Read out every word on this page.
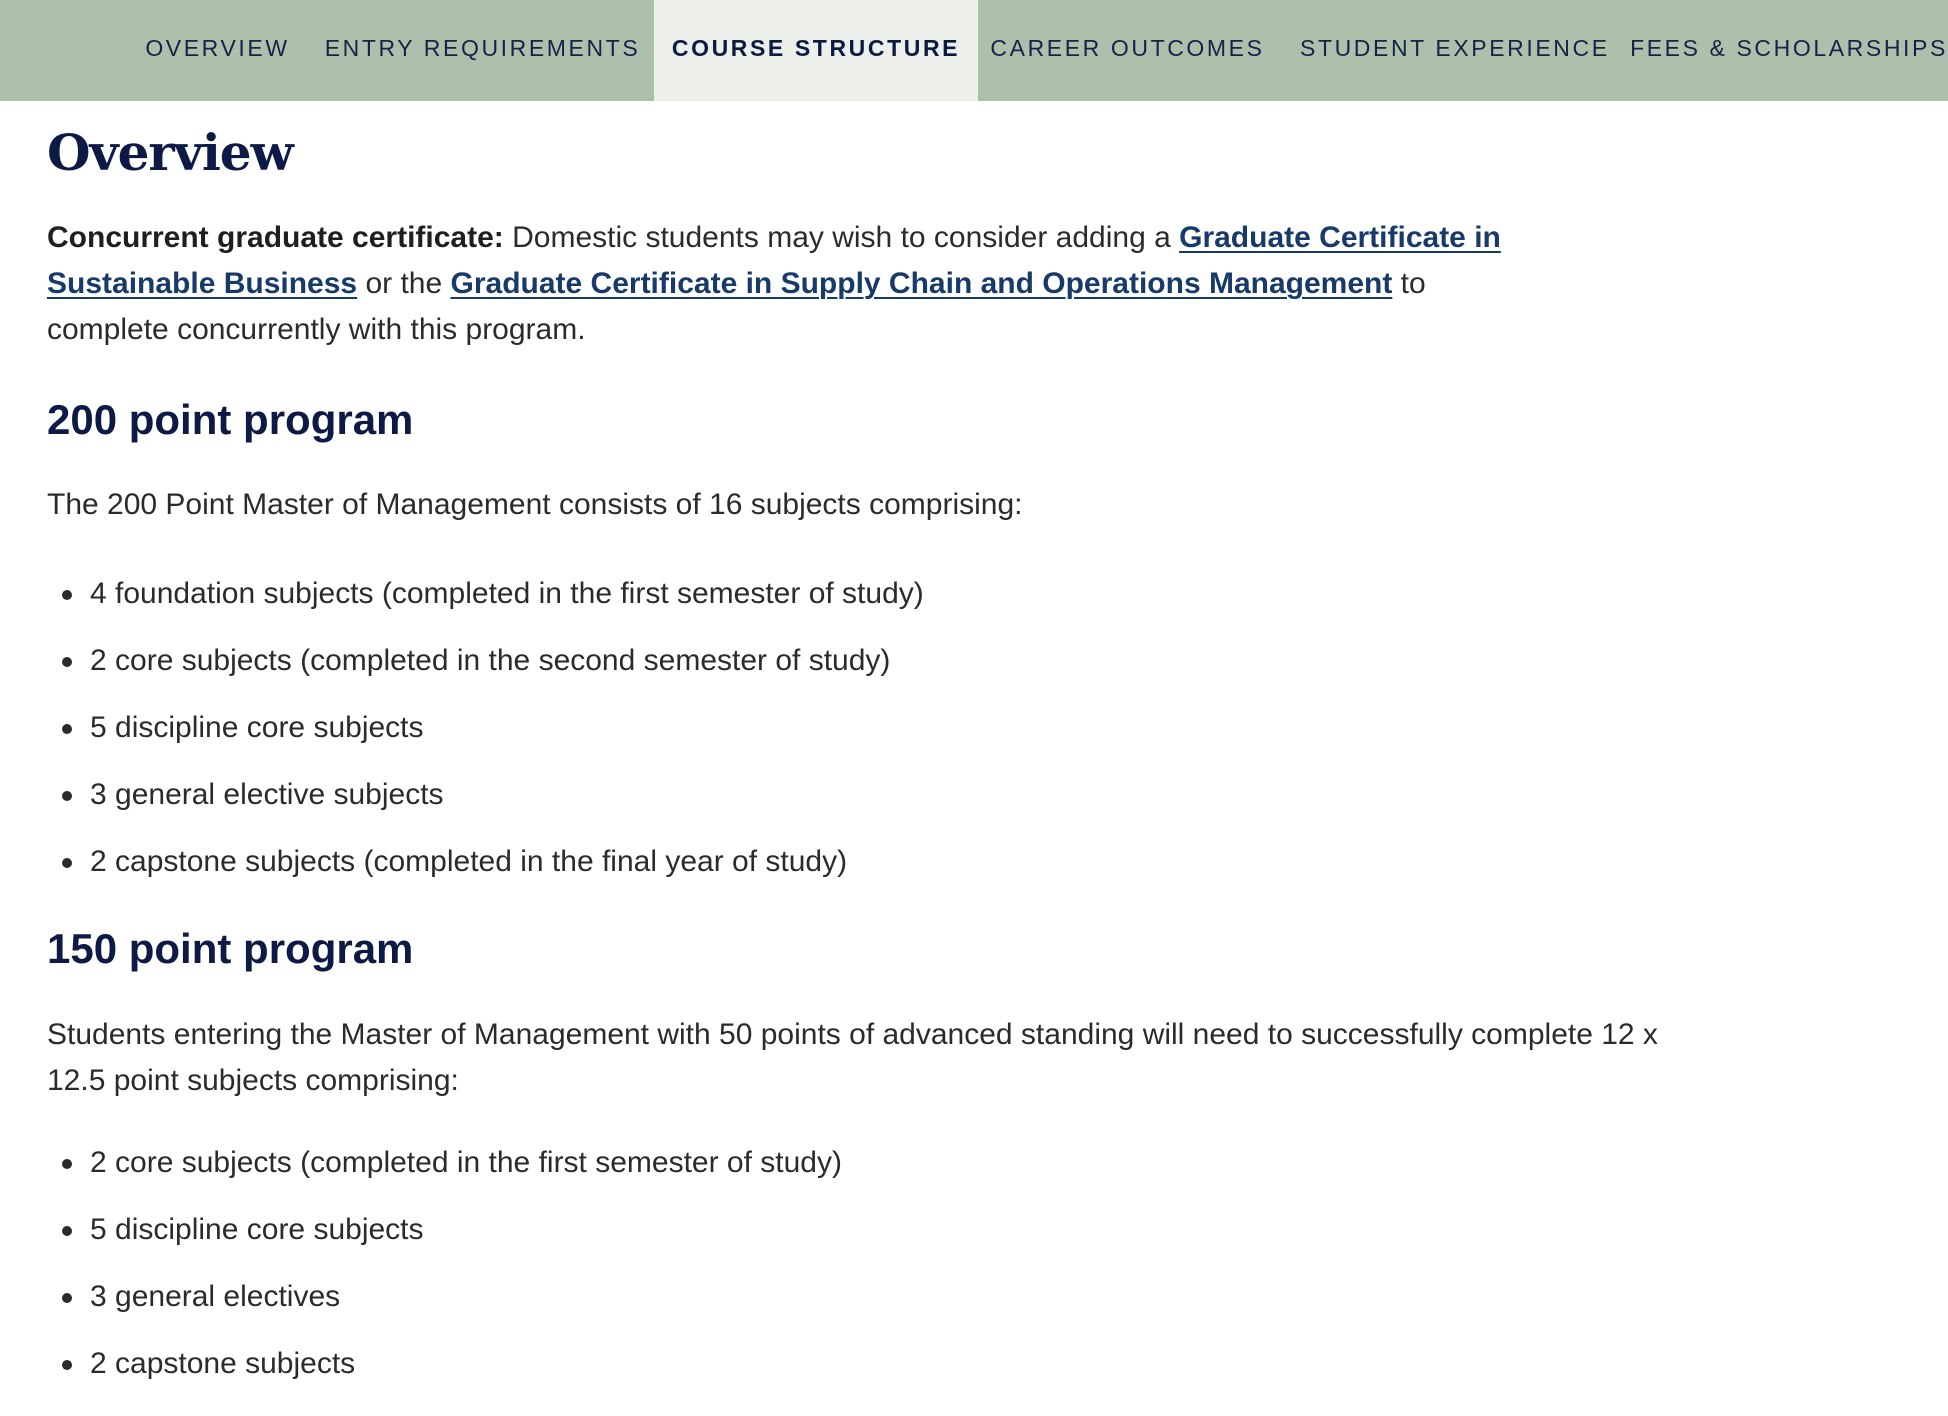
OVERVIEW	ENTRY REQUIREMENTS	COURSE STRUCTURE	CAREER OUTCOMES STUDENT EXPERIENCE FEES & SCHOLARSHIPS
Overview

Concurrent graduate certificate: Domestic students may wish to consider adding a Graduate Certificate in Sustainable Business or the Graduate Certificate in Supply Chain and Operations Management to complete concurrently with this program.

200 point program

The 200 Point Master of Management consists of 16 subjects comprising:

4 foundation subjects (completed in the first semester of study)
2 core subjects (completed in the second semester of study)
5 discipline core subjects
3 general elective subjects
2 capstone subjects (completed in the final year of study)
150 point program

Students entering the Master of Management with 50 points of advanced standing will need to successfully complete 12 x 12.5 point subjects comprising:

2 core subjects (completed in the first semester of study)
5 discipline core subjects
3 general electives
2 capstone subjects
